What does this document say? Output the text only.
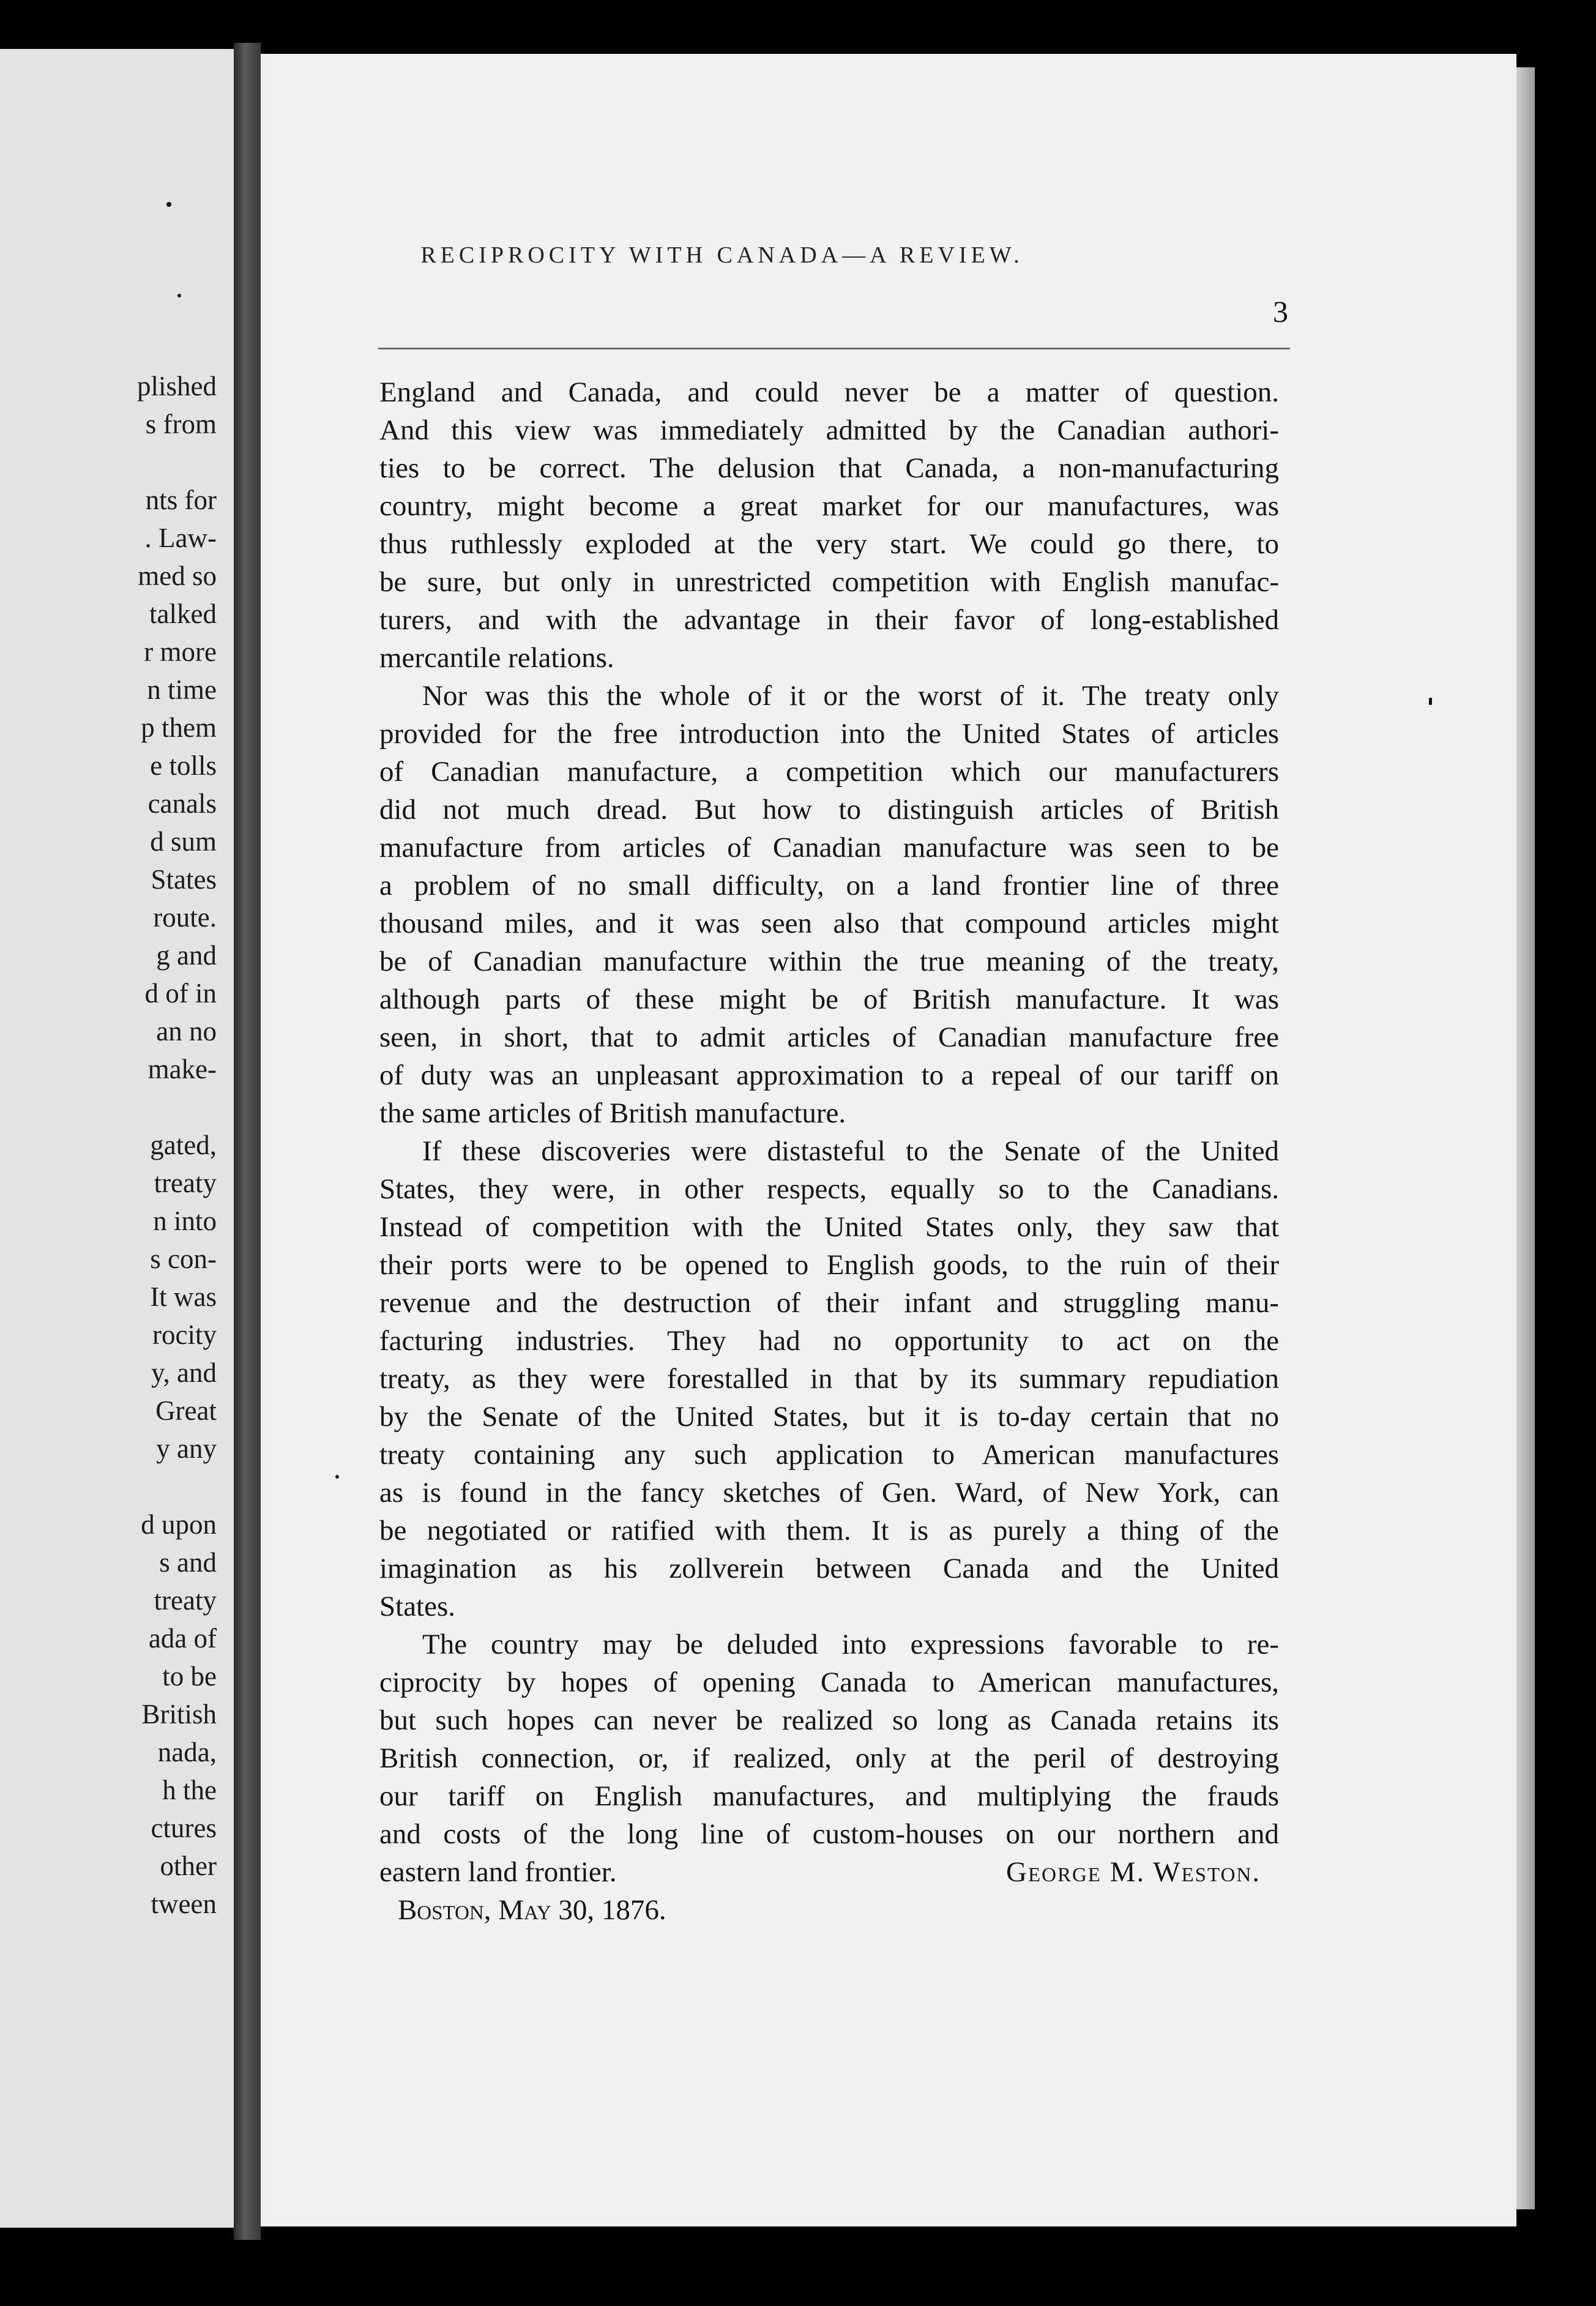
plished
s from
nts for
. Law-
med so
talked
r more
n time
p them
e tolls
canals
d sum
States
route.
g and
d of in
an no
make-
gated,
treaty
n into
s con-
It was
rocity
y, and
Great
y any
d upon
s and
treaty
ada of
to be
British
nada,
h the
ctures
other
tween
RECIPROCITY WITH CANADA—A REVIEW.
3
England and Canada, and could never be a matter of question.
And this view was immediately admitted by the Canadian authori-
ties to be correct. The delusion that Canada, a non-manufacturing
country, might become a great market for our manufactures, was
thus ruthlessly exploded at the very start. We could go there, to
be sure, but only in unrestricted competition with English manufac-
turers, and with the advantage in their favor of long-established
mercantile relations.
Nor was this the whole of it or the worst of it. The treaty only
provided for the free introduction into the United States of articles
of Canadian manufacture, a competition which our manufacturers
did not much dread. But how to distinguish articles of British
manufacture from articles of Canadian manufacture was seen to be
a problem of no small difficulty, on a land frontier line of three
thousand miles, and it was seen also that compound articles might
be of Canadian manufacture within the true meaning of the treaty,
although parts of these might be of British manufacture. It was
seen, in short, that to admit articles of Canadian manufacture free
of duty was an unpleasant approximation to a repeal of our tariff on
the same articles of British manufacture.
If these discoveries were distasteful to the Senate of the United
States, they were, in other respects, equally so to the Canadians.
Instead of competition with the United States only, they saw that
their ports were to be opened to English goods, to the ruin of their
revenue and the destruction of their infant and struggling manu-
facturing industries. They had no opportunity to act on the
treaty, as they were forestalled in that by its summary repudiation
by the Senate of the United States, but it is to-day certain that no
treaty containing any such application to American manufactures
as is found in the fancy sketches of Gen. Ward, of New York, can
be negotiated or ratified with them. It is as purely a thing of the
imagination as his zollverein between Canada and the United
States.
The country may be deluded into expressions favorable to re-
ciprocity by hopes of opening Canada to American manufactures,
but such hopes can never be realized so long as Canada retains its
British connection, or, if realized, only at the peril of destroying
our tariff on English manufactures, and multiplying the frauds
and costs of the long line of custom-houses on our northern and
eastern land frontier.	George M. Weston.
Boston, May 30, 1876.
